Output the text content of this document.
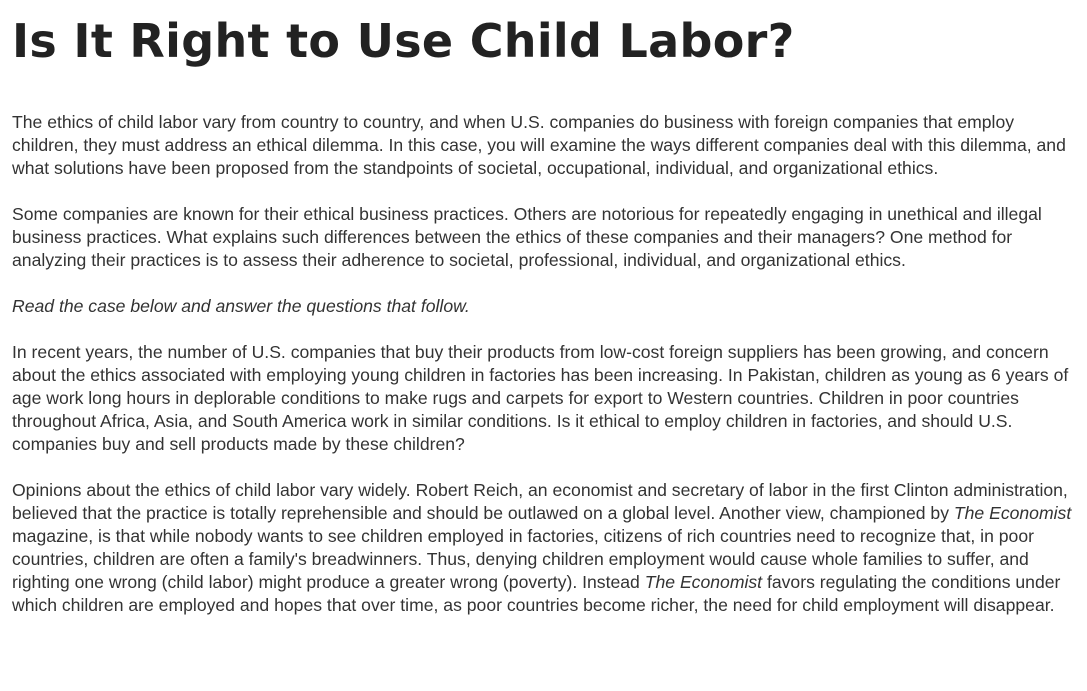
Is It Right to Use Child Labor?

The ethics of child labor vary from country to country, and when U.S. companies do business with foreign companies that employ children, they must address an ethical dilemma. In this case, you will examine the ways different companies deal with this dilemma, and what solutions have been proposed from the standpoints of societal, occupational, individual, and organizational ethics.

Some companies are known for their ethical business practices. Others are notorious for repeatedly engaging in unethical and illegal business practices. What explains such differences between the ethics of these companies and their managers? One method for analyzing their practices is to assess their adherence to societal, professional, individual, and organizational ethics.

Read the case below and answer the questions that follow.

In recent years, the number of U.S. companies that buy their products from low-cost foreign suppliers has been growing, and concern about the ethics associated with employing young children in factories has been increasing. In Pakistan, children as young as 6 years of age work long hours in deplorable conditions to make rugs and carpets for export to Western countries. Children in poor countries throughout Africa, Asia, and South America work in similar conditions. Is it ethical to employ children in factories, and should U.S. companies buy and sell products made by these children?

Opinions about the ethics of child labor vary widely. Robert Reich, an economist and secretary of labor in the first Clinton administration, believed that the practice is totally reprehensible and should be outlawed on a global level. Another view, championed by The Economist magazine, is that while nobody wants to see children employed in factories, citizens of rich countries need to recognize that, in poor countries, children are often a family's breadwinners. Thus, denying children employment would cause whole families to suffer, and righting one wrong (child labor) might produce a greater wrong (poverty). Instead The Economist favors regulating the conditions under which children are employed and hopes that over time, as poor countries become richer, the need for child employment will disappear.
